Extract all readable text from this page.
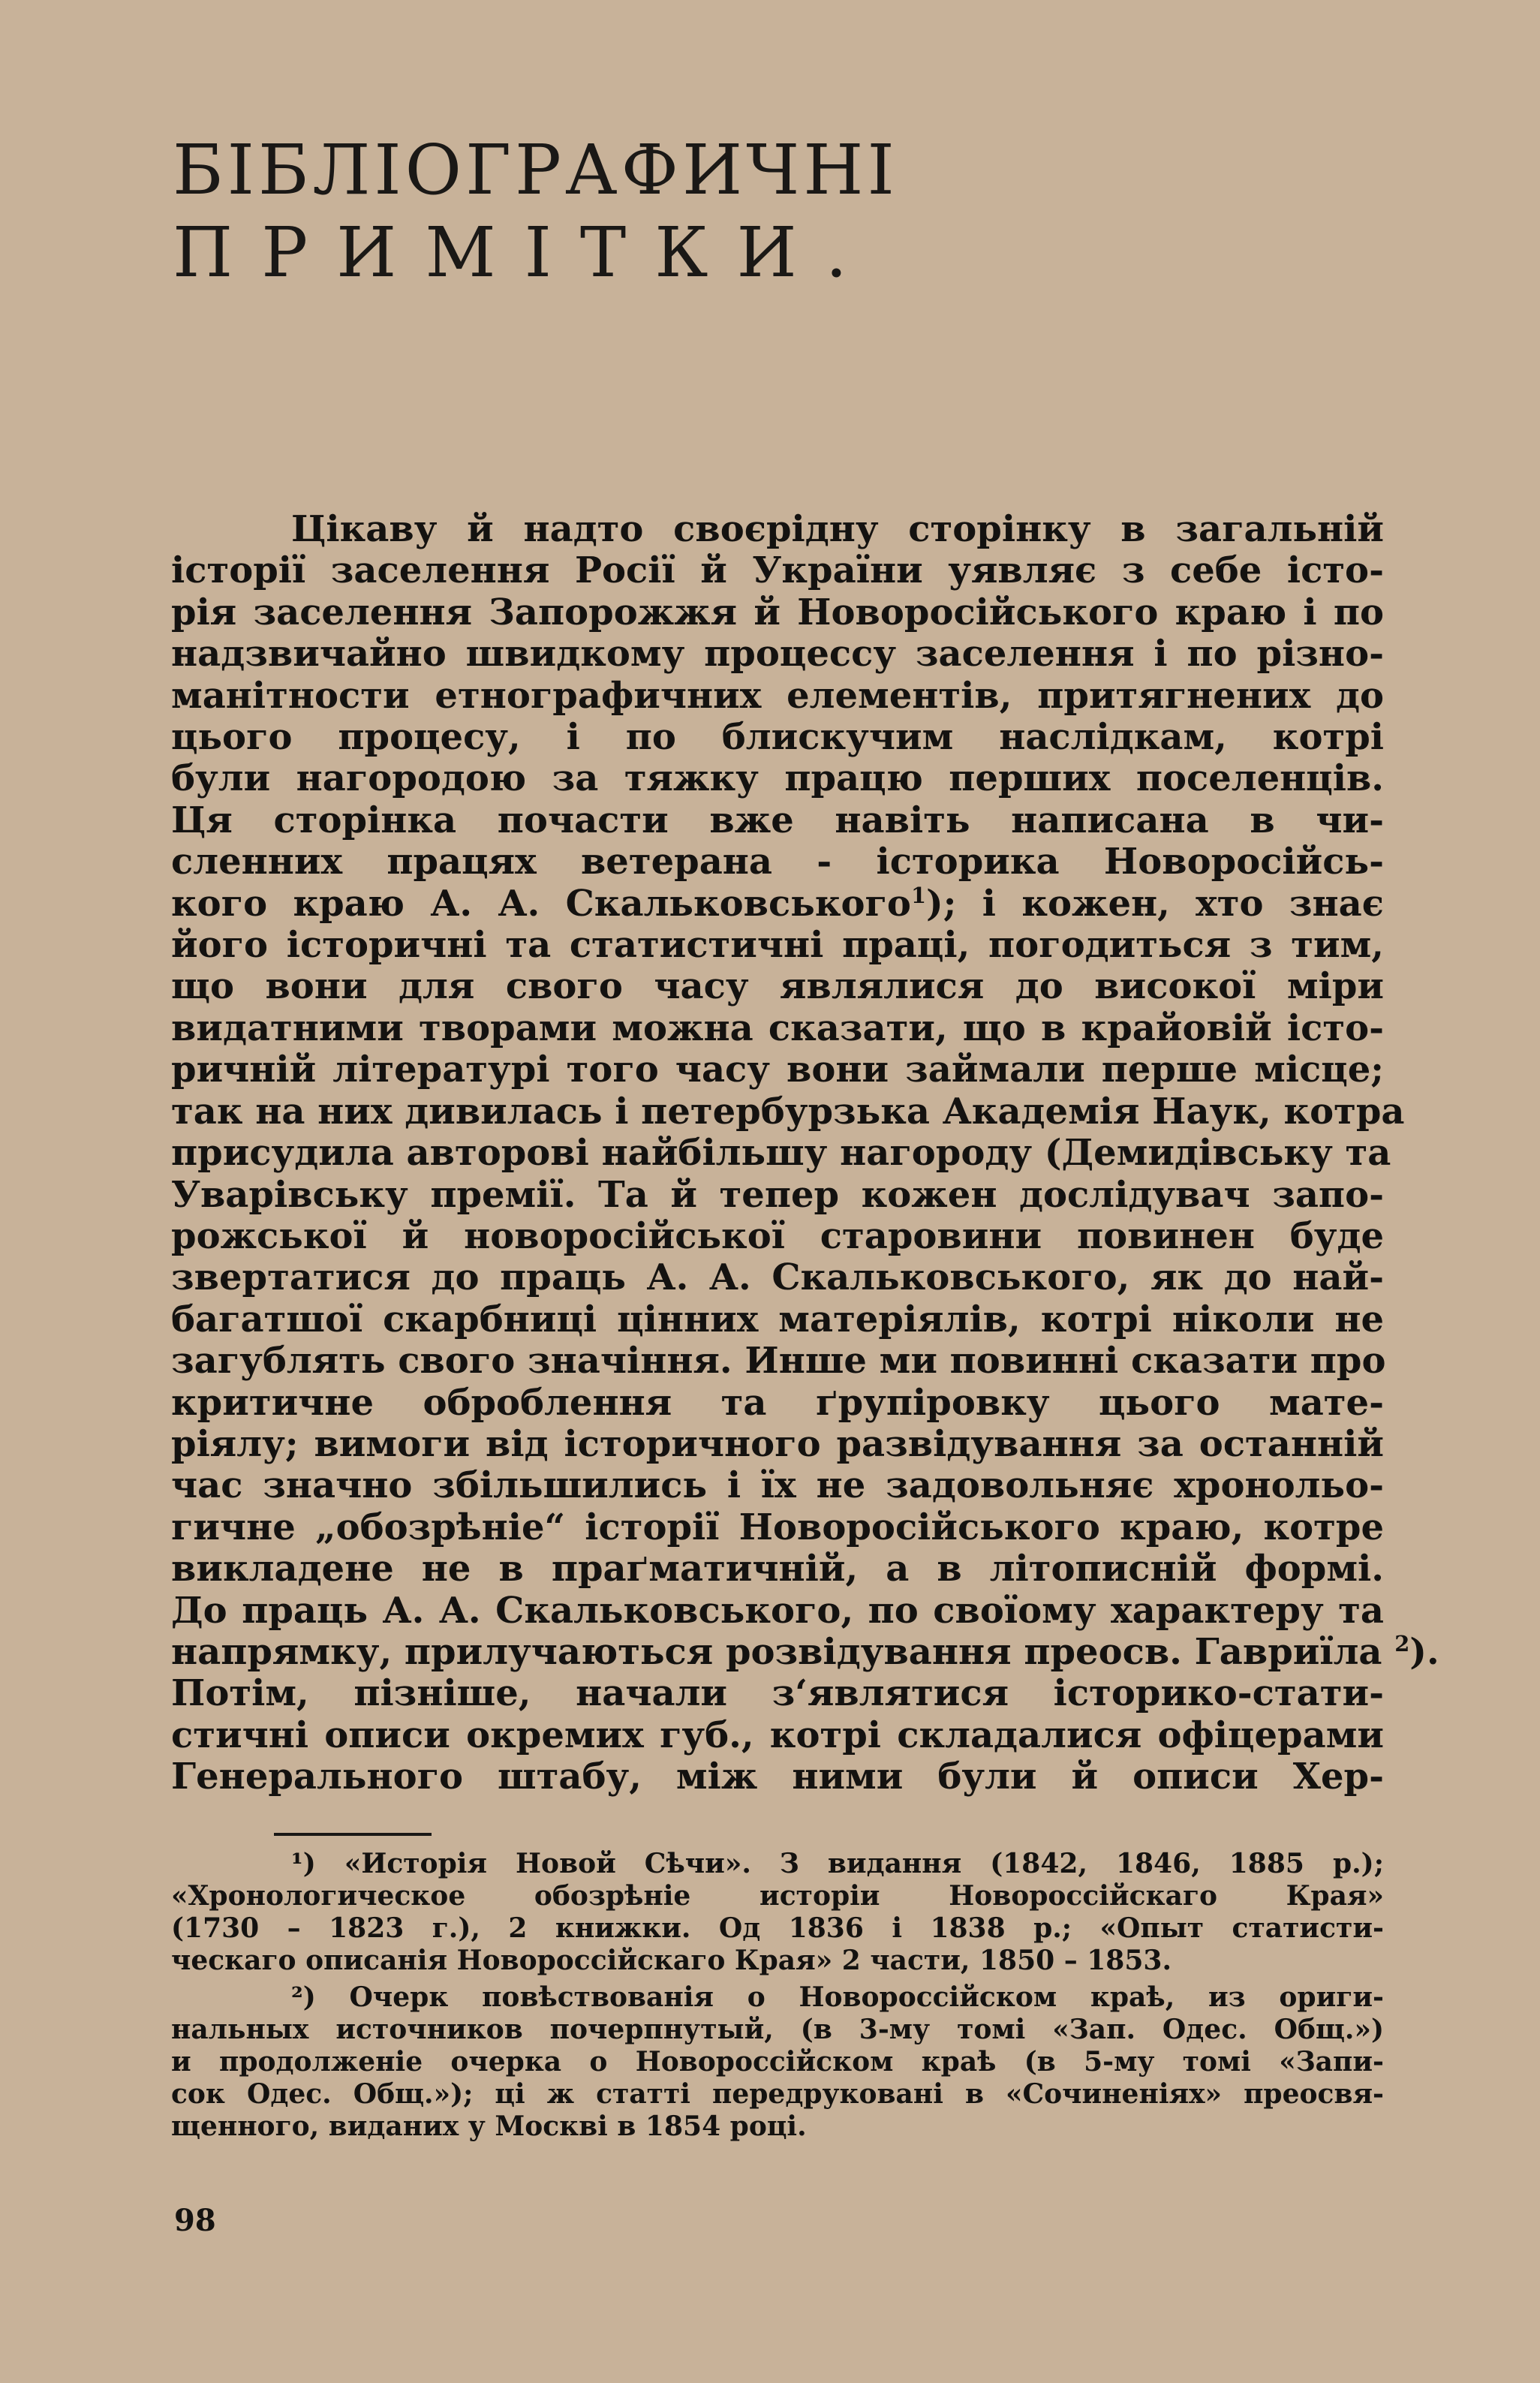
БІБЛІОГРАФИЧНІ
ПРИМІТКИ.
Цікаву й надто своєрідну сторінку в загальній
історії заселення Росії й України уявляє з себе істо-
рія заселення Запорожжя й Новоросійського краю і по
надзвичайно швидкому процессу заселення і по різно-
манітности етнографичних елементів, притягнених до
цього процесу, і по блискучим наслідкам, котрі
були нагородою за тяжку працю перших поселенців.
Ця сторінка почасти вже навіть написана в чи-
сленних працях ветерана - історика Новоросійсь-
кого краю А. А. Скальковського$^1$); і кожен, хто знає
його історичні та статистичні праці, погодиться з тим,
що вони для свого часу являлися до високої міри
видатними творами можна сказати, що в крайовій істо-
ричній літературі того часу вони займали перше місце;
так на них дивилась і петербурзька Академія Наук, котра
присудила авторові найбільшу нагороду (Демидівську та
Уварівську премії. Та й тепер кожен дослідувач запо-
рожської й новоросійської старовини повинен буде
звертатися до праць А. А. Скальковського, як до най-
багатшої скарбниці цінних матеріялів, котрі ніколи не
загублять свого значіння. Инше ми повинні сказати про
критичне оброблення та ґрупіровку цього мате-
ріялу; вимоги від історичного развідування за останній
час значно збільшились і їх не задовольняє хронольо-
гичне „обозрѣніе“ історії Новоросійського краю, котре
викладене не в праґматичній, а в літописній формі.
До праць А. А. Скальковського, по своїому характеру та
напрямку, прилучаються розвідування преосв. Гавриїла $^2$).
Потім, пізніше, начали з‘являтися історико-стати-
стичні описи окремих губ., котрі складалися офіцерами
Генерального штабу, між ними були й описи Хер-
¹) «Исторія Новой Сѣчи». З видання (1842, 1846, 1885 р.);
«Хронологическое обозрѣніе исторіи Новороссійскаго Края»
(1730 – 1823 г.), 2 книжки. Од 1836 і 1838 р.; «Опыт статисти-
ческаго описанія Новороссійскаго Края» 2 части, 1850 – 1853.
²) Очерк повѣствованія о Новороссійском краѣ, из ориги-
нальных источников почерпнутый, (в 3-му томі «Зап. Одес. Общ.»)
и продолженіе очерка о Новороссійском краѣ (в 5-му томі «Запи-
сок Одес. Общ.»); ці ж статті передруковані в «Сочиненіях» преосвя-
щенного, виданих у Москві в 1854 році.
98
